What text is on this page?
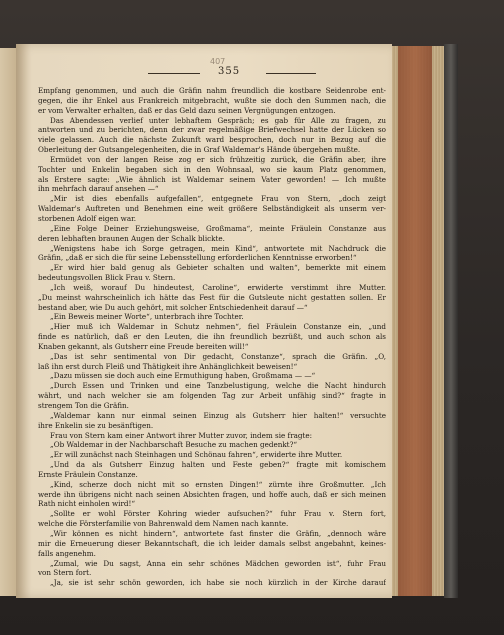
355
407
Empfang genommen, und auch die Gräfin nahm freundlich die kostbare Seidenrobe ent-
gegen, die ihr Enkel aus Frankreich mitgebracht, wußte sie doch den Summen nach, die
er vom Verwalter erhalten, daß er das Geld dazu seinen Vergnügungen entzogen.
Das Abendessen verlief unter lebhaftem Gespräch; es gab für Alle zu fragen, zu
antworten und zu berichten, denn der zwar regelmäßige Briefwechsel hatte der Lücken so
viele gelassen. Auch die nächste Zukunft ward besprochen, doch nur in Bezug auf die
Oberleitung der Gutsangelegenheiten, die in Graf Waldemar's Hände übergehen mußte.
Ermüdet von der langen Reise zog er sich frühzeitig zurück, die Gräfin aber, ihre
Tochter und Enkelin begaben sich in den Wohnsaal, wo sie kaum Platz genommen,
als Erstere sagte: „Wie ähnlich ist Waldemar seinem Vater geworden! — Ich mußte
ihn mehrfach darauf ansehen —“
„Mir ist dies ebenfalls aufgefallen“, entgegnete Frau von Stern, „doch zeigt
Waldemar's Auftreten und Benehmen eine weit größere Selbständigkeit als unserm ver-
storbenen Adolf eigen war.
„Eine Folge Deiner Erziehungsweise, Großmama“, meinte Fräulein Constanze aus
deren lebhaften braunen Augen der Schalk blickte.
„Wenigstens habe ich Sorge getragen, mein Kind“, antwortete mit Nachdruck die
Gräfin, „daß er sich die für seine Lebensstellung erforderlichen Kenntnisse erworben!“
„Er wird hier bald genug als Gebieter schalten und walten“, bemerkte mit einem
bedeutungsvollen Blick Frau v. Stern.
„Ich weiß, worauf Du hindeutest, Caroline“, erwiderte verstimmt ihre Mutter.
„Du meinst wahrscheinlich ich hätte das Fest für die Gutsleute nicht gestatten sollen. Er
bestand aber, wie Du auch gehört, mit solcher Entschiedenheit darauf —“
„Ein Beweis meiner Worte“, unterbrach ihre Tochter.
„Hier muß ich Waldemar in Schutz nehmen“, fiel Fräulein Constanze ein, „und
finde es natürlich, daß er den Leuten, die ihn freundlich bezrüßt, und auch schon als
Knaben gekannt, als Gutsherr eine Freude bereiten will!“
„Das ist sehr sentimental von Dir gedacht, Constanze“, sprach die Gräfin. „O,
laß ihn erst durch Fleiß und Thätigkeit ihre Anhänglichkeit beweisen!“
„Dazu müssen sie doch auch eine Ermuthigung haben, Großmama — —“
„Durch Essen und Trinken und eine Tanzbelustigung, welche die Nacht hindurch
währt, und nach welcher sie am folgenden Tag zur Arbeit unfähig sind?“ fragte in
strengem Ton die Gräfin.
„Waldemar kann nur einmal seinen Einzug als Gutsherr hier halten!“ versuchte
ihre Enkelin sie zu besänftigen.
Frau von Stern kam einer Antwort ihrer Mutter zuvor, indem sie fragte:
„Ob Waldemar in der Nachbarschaft Besuche zu machen gedenkt?“
„Er will zunächst nach Steinhagen und Schönau fahren“, erwiderte ihre Mutter.
„Und da als Gutsherr Einzug halten und Feste geben?“ fragte mit komischem
Ernste Fräulein Constanze.
„Kind, scherze doch nicht mit so ernsten Dingen!“ zürnte ihre Großmutter. „Ich
werde ihn übrigens nicht nach seinen Absichten fragen, und hoffe auch, daß er sich meinen
Rath nicht einholen wird!“
„Sollte er wohl Förster Kohring wieder aufsuchen?“ fuhr Frau v. Stern fort,
welche die Försterfamilie von Bahrenwald dem Namen nach kannte.
„Wir können es nicht hindern“, antwortete fast finster die Gräfin, „dennoch wäre
mir die Erneuerung dieser Bekanntschaft, die ich leider damals selbst angebahnt, keines-
falls angenehm.
„Zumal, wie Du sagst, Anna ein sehr schönes Mädchen geworden ist“, fuhr Frau
von Stern fort.
„Ja, sie ist sehr schön geworden, ich habe sie noch kürzlich in der Kirche darauf
